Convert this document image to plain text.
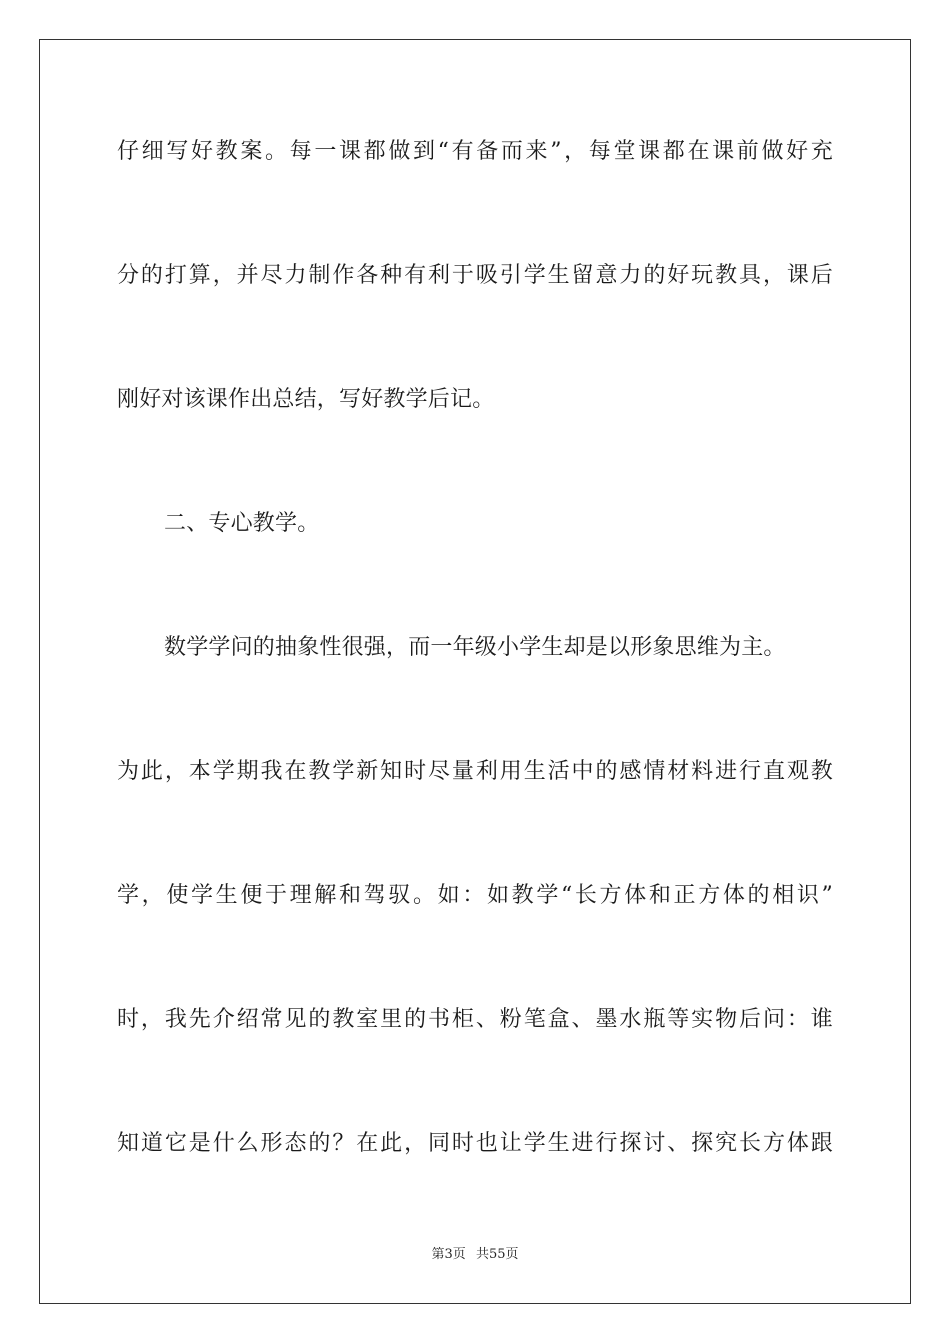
仔细写好教案。每一课都做到“有备而来”，每堂课都在课前做好充
分的打算，并尽力制作各种有利于吸引学生留意力的好玩教具，课后
刚好对该课作出总结，写好教学后记。
二、专心教学。
数学学问的抽象性很强，而一年级小学生却是以形象思维为主。
为此，本学期我在教学新知时尽量利用生活中的感情材料进行直观教
学，使学生便于理解和驾驭。如：如教学“长方体和正方体的相识”
时，我先介绍常见的教室里的书柜、粉笔盒、墨水瓶等实物后问：谁
知道它是什么形态的？在此，同时也让学生进行探讨、探究长方体跟
第3页 共55页
